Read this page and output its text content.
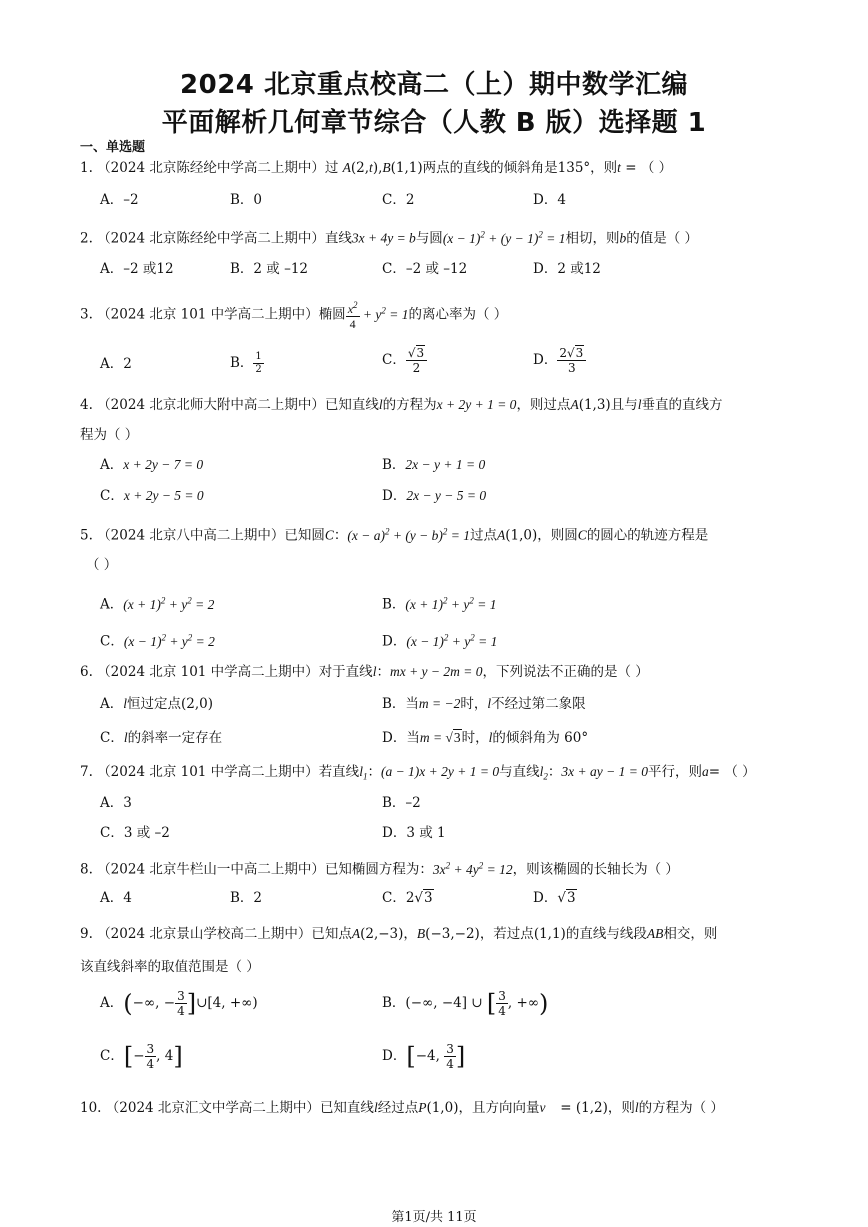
2024 北京重点校高二（上）期中数学汇编
平面解析几何章节综合（人教 B 版）选择题 1
一、单选题
1. （2024 北京陈经纶中学高二上期中）过 A(2,t),B(1,1)两点的直线的倾斜角是135°，则t = （ ）
A．–2	B．0	C．2	D．4
2. （2024 北京陈经纶中学高二上期中）直线3x + 4y = b与圆$(x - 1)^2 + (y - 1)^2 = 1$相切，则b的值是（ ）
A．–2 或12	B．2 或 –12	C．–2 或 –12	D．2 或12
3. （2024 北京 101 中学高二上期中）椭圆 $\frac{x^2}{4} + y^2 = 1$的离心率为（ ）
A．2	B． $\frac{1}{2}$	C． $\frac{√3}{2}$	D． $\frac{2√3}{3}$
4. （2024 北京北师大附中高二上期中）已知直线l的方程为x + 2y + 1 = 0，则过点A(1,3)且与l垂直的直线方
程为（ ）
A．x + 2y − 7 = 0	B．2x − y + 1 = 0
C．x + 2y − 5 = 0	D．2x − y − 5 = 0
5. （2024 北京八中高二上期中）已知圆C：$(x - a)^2 + (y - b)^2 = 1$过点A(1,0)，则圆C的圆心的轨迹方程是
（ ）
A．$(x + 1)^2 + y^2 = 2$	B．$(x + 1)^2 + y^2 = 1$
C．$(x - 1)^2 + y^2 = 2$	D．$(x - 1)^2 + y^2 = 1$
6. （2024 北京 101 中学高二上期中）对于直线l：mx + y − 2m = 0，下列说法不正确的是（ ）
A．l恒过定点(2,0)	B．当m = −2时，l不经过第二象限
C．l的斜率一定存在	D．当m = √3时，l的倾斜角为 60°
7. （2024 北京 101 中学高二上期中）若直线$l_1$：(a − 1)x + 2y + 1 = 0与直线$l_2$：3x + ay − 1 = 0平行，则a= （ ）
A．3	B．–2
C．3 或 –2	D．3 或 1
8. （2024 北京牛栏山一中高二上期中）已知椭圆方程为：$3x^2 + 4y^2 = 12$，则该椭圆的长轴长为（ ）
A．4	B．2	C．2√3	D．√3
9. （2024 北京景山学校高二上期中）已知点A(2,−3)，B(−3,−2)，若过点(1,1)的直线与线段AB相交，则
该直线斜率的取值范围是（ ）
A．(−∞, − $\frac{3}{4}$ ]∪[4, +∞)	B．(−∞, −4] ∪ [ $\frac{3}{4}$ , +∞)
C．[− $\frac{3}{4}$ , 4]	D．[−4, $\frac{3}{4}$ ]
10. （2024 北京汇文中学高二上期中）已知直线l经过点P(1,0)，且方向向量v⃗ = (1,2)，则l的方程为（ ）
第1页/共 11页
